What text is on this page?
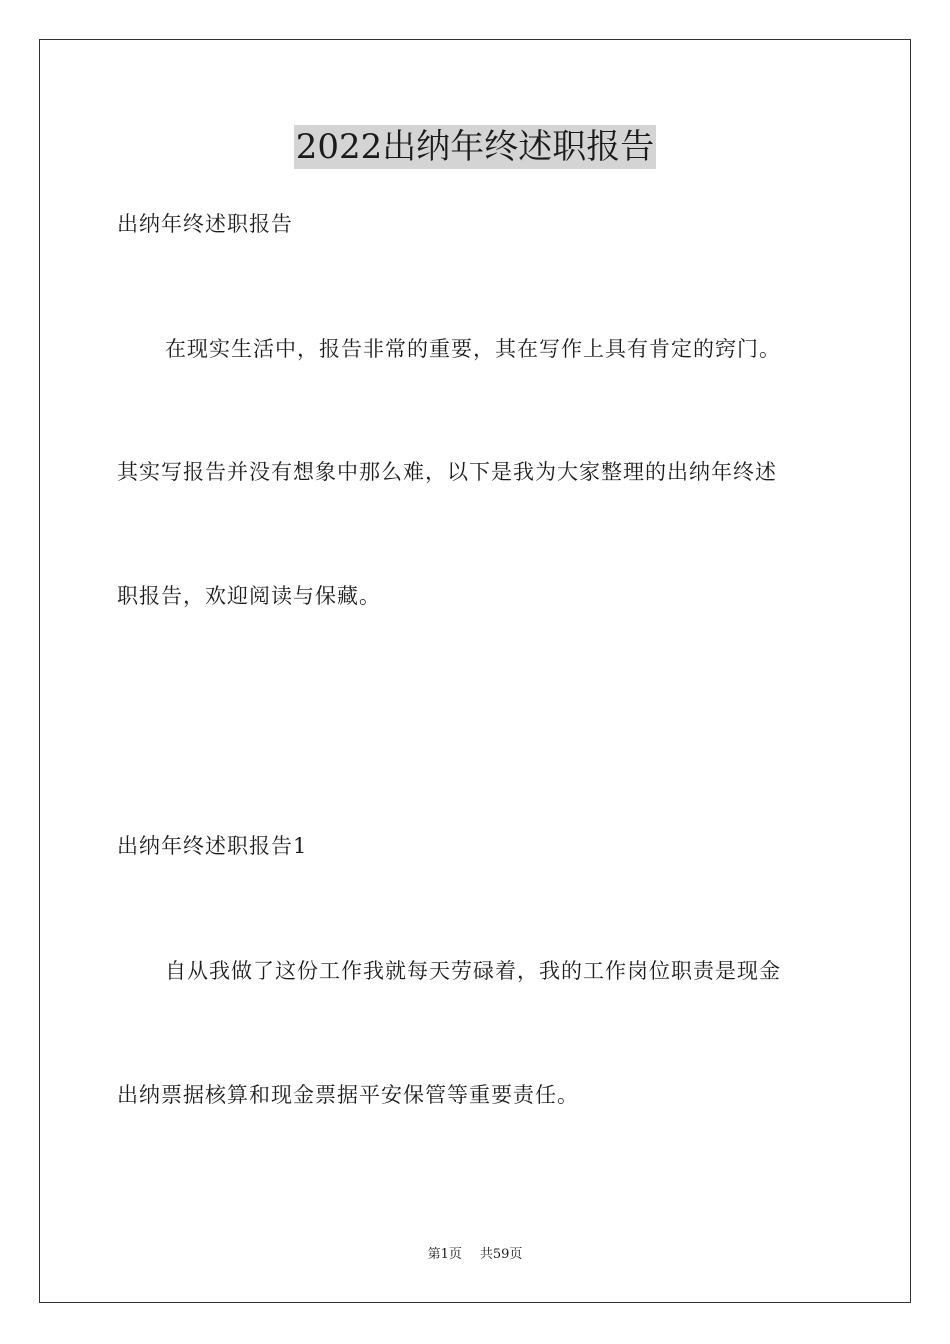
2022出纳年终述职报告
出纳年终述职报告
在现实生活中，报告非常的重要，其在写作上具有肯定的窍门。
其实写报告并没有想象中那么难，以下是我为大家整理的出纳年终述
职报告，欢迎阅读与保藏。
出纳年终述职报告1
自从我做了这份工作我就每天劳碌着，我的工作岗位职责是现金
出纳票据核算和现金票据平安保管等重要责任。
第1页 共59页
